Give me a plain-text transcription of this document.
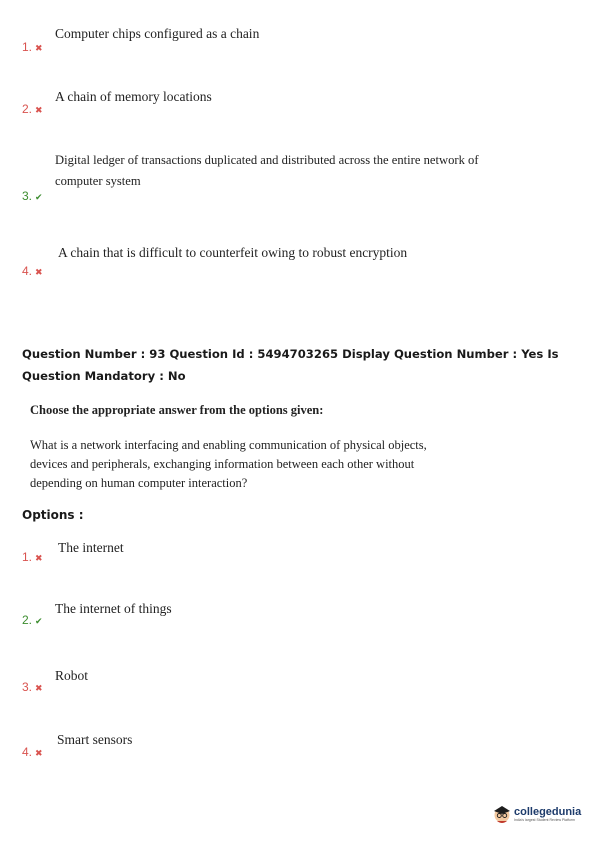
Computer chips configured as a chain
1. ✖
A chain of memory locations
2. ✖
Digital ledger of transactions duplicated and distributed across the entire network of computer system
3. ✔
A chain that is difficult to counterfeit owing to robust encryption
4. ✖
Question Number : 93 Question Id : 5494703265 Display Question Number : Yes Is Question Mandatory : No
Choose the appropriate answer from the options given:
What is a network interfacing and enabling communication of physical objects, devices and peripherals, exchanging information between each other without depending on human computer interaction?
Options :
The internet
1. ✖
The internet of things
2. ✔
Robot
3. ✖
Smart sensors
4. ✖
collegedunia
India's largest Student Review Platform
